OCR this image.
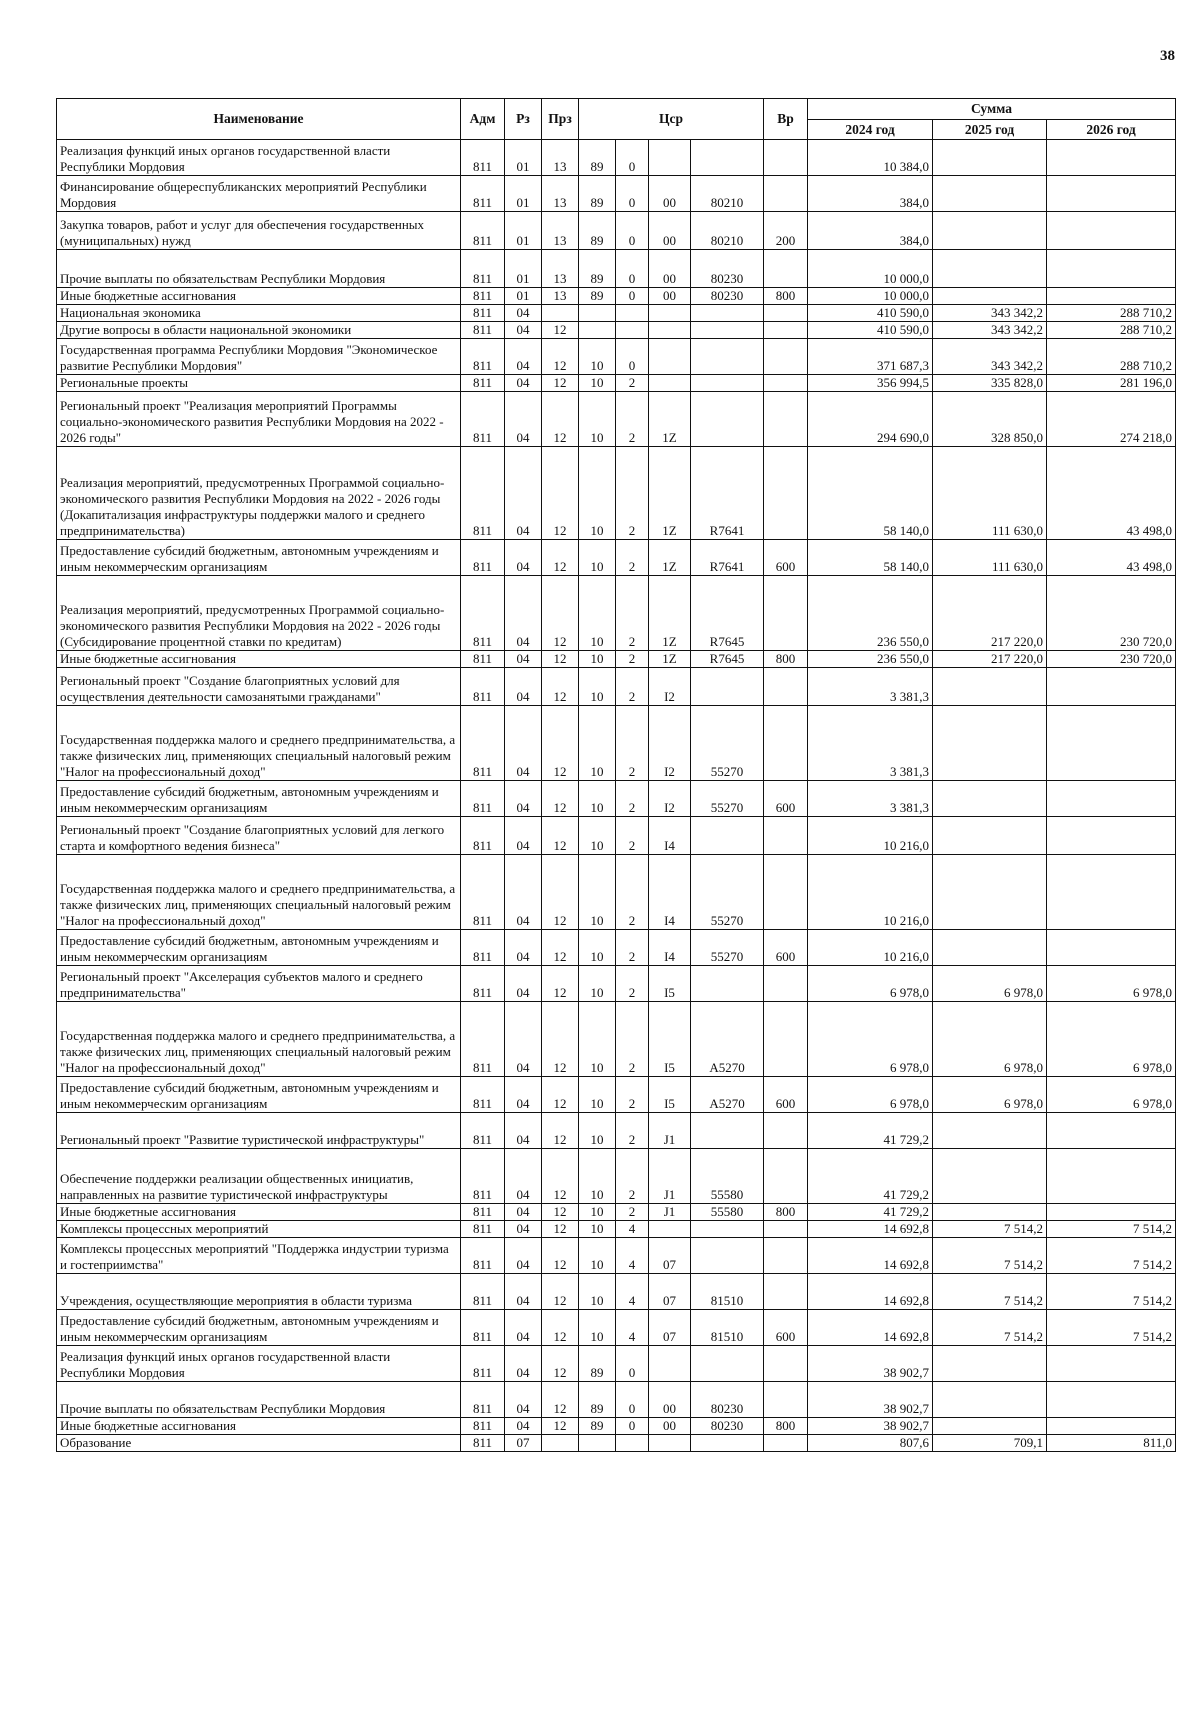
38
Наименование	Адм	Рз	Прз	Цср				Вр	Сумма		
									2024 год	2025 год	2026 год
Реализация функций иных органов государственной власти Республики Мордовия	811	01	13	89	0				10 384,0		
Финансирование общереспубликанских мероприятий Республики Мордовия	811	01	13	89	0	00	80210		384,0		
Закупка товаров, работ и услуг для обеспечения государственных (муниципальных) нужд	811	01	13	89	0	00	80210	200	384,0		
Прочие выплаты по обязательствам Республики Мордовия	811	01	13	89	0	00	80230		10 000,0		
Иные бюджетные ассигнования	811	01	13	89	0	00	80230	800	10 000,0		
Национальная экономика	811	04							410 590,0	343 342,2	288 710,2
Другие вопросы в области национальной экономики	811	04	12						410 590,0	343 342,2	288 710,2
Государственная программа Республики Мордовия "Экономическое развитие Республики Мордовия"	811	04	12	10	0				371 687,3	343 342,2	288 710,2
Региональные проекты	811	04	12	10	2				356 994,5	335 828,0	281 196,0
Региональный проект "Реализация мероприятий Программы социально-экономического развития Республики Мордовия на 2022 - 2026 годы"	811	04	12	10	2	1Z			294 690,0	328 850,0	274 218,0
Реализация мероприятий, предусмотренных Программой социально-экономического развития Республики Мордовия на 2022 - 2026 годы (Докапитализация инфраструктуры поддержки малого и среднего предпринимательства)	811	04	12	10	2	1Z	R7641		58 140,0	111 630,0	43 498,0
Предоставление субсидий бюджетным, автономным учреждениям и иным некоммерческим организациям	811	04	12	10	2	1Z	R7641	600	58 140,0	111 630,0	43 498,0
Реализация мероприятий, предусмотренных Программой социально-экономического развития Республики Мордовия на 2022 - 2026 годы (Субсидирование процентной ставки по кредитам)	811	04	12	10	2	1Z	R7645		236 550,0	217 220,0	230 720,0
Иные бюджетные ассигнования	811	04	12	10	2	1Z	R7645	800	236 550,0	217 220,0	230 720,0
Региональный проект "Создание благоприятных условий для осуществления деятельности самозанятыми гражданами"	811	04	12	10	2	I2			3 381,3		
Государственная поддержка малого и среднего предпринимательства, а также физических лиц, применяющих специальный налоговый режим "Налог на профессиональный доход"	811	04	12	10	2	I2	55270		3 381,3		
Предоставление субсидий бюджетным, автономным учреждениям и иным некоммерческим организациям	811	04	12	10	2	I2	55270	600	3 381,3		
Региональный проект "Создание благоприятных условий для легкого старта и комфортного ведения бизнеса"	811	04	12	10	2	I4			10 216,0		
Государственная поддержка малого и среднего предпринимательства, а также физических лиц, применяющих специальный налоговый режим "Налог на профессиональный доход"	811	04	12	10	2	I4	55270		10 216,0		
Предоставление субсидий бюджетным, автономным учреждениям и иным некоммерческим организациям	811	04	12	10	2	I4	55270	600	10 216,0		
Региональный проект "Акселерация субъектов малого и среднего предпринимательства"	811	04	12	10	2	I5			6 978,0	6 978,0	6 978,0
Государственная поддержка малого и среднего предпринимательства, а также физических лиц, применяющих специальный налоговый режим "Налог на профессиональный доход"	811	04	12	10	2	I5	A5270		6 978,0	6 978,0	6 978,0
Предоставление субсидий бюджетным, автономным учреждениям и иным некоммерческим организациям	811	04	12	10	2	I5	A5270	600	6 978,0	6 978,0	6 978,0
Региональный проект "Развитие туристической инфраструктуры"	811	04	12	10	2	J1			41 729,2		
Обеспечение поддержки реализации общественных инициатив, направленных на развитие туристической инфраструктуры	811	04	12	10	2	J1	55580		41 729,2		
Иные бюджетные ассигнования	811	04	12	10	2	J1	55580	800	41 729,2		
Комплексы процессных мероприятий	811	04	12	10	4				14 692,8	7 514,2	7 514,2
Комплексы процессных мероприятий "Поддержка индустрии туризма и гостеприимства"	811	04	12	10	4	07			14 692,8	7 514,2	7 514,2
Учреждения, осуществляющие мероприятия в области туризма	811	04	12	10	4	07	81510		14 692,8	7 514,2	7 514,2
Предоставление субсидий бюджетным, автономным учреждениям и иным некоммерческим организациям	811	04	12	10	4	07	81510	600	14 692,8	7 514,2	7 514,2
Реализация функций иных органов государственной власти Республики Мордовия	811	04	12	89	0				38 902,7		
Прочие выплаты по обязательствам Республики Мордовия	811	04	12	89	0	00	80230		38 902,7		
Иные бюджетные ассигнования	811	04	12	89	0	00	80230	800	38 902,7		
Образование	811	07							807,6	709,1	811,0
